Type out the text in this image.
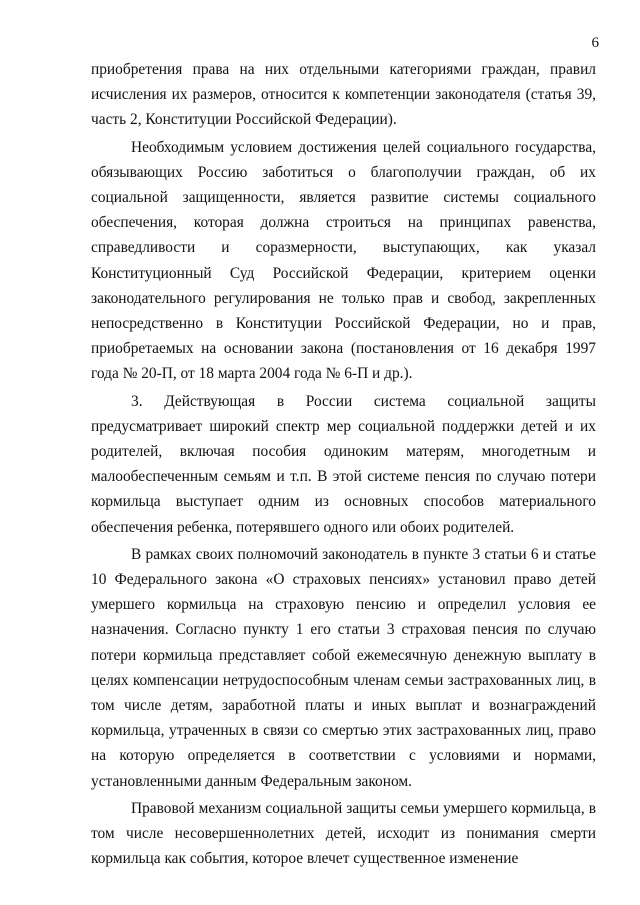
6

приобретения права на них отдельными категориями граждан, правил исчисления их размеров, относится к компетенции законодателя (статья 39, часть 2, Конституции Российской Федерации).

Необходимым условием достижения целей социального государства, обязывающих Россию заботиться о благополучии граждан, об их социальной защищенности, является развитие системы социального обеспечения, которая должна строиться на принципах равенства, справедливости и соразмерности, выступающих, как указал Конституционный Суд Российской Федерации, критерием оценки законодательного регулирования не только прав и свобод, закрепленных непосредственно в Конституции Российской Федерации, но и прав, приобретаемых на основании закона (постановления от 16 декабря 1997 года № 20-П, от 18 марта 2004 года № 6-П и др.).

3. Действующая в России система социальной защиты предусматривает широкий спектр мер социальной поддержки детей и их родителей, включая пособия одиноким матерям, многодетным и малообеспеченным семьям и т.п. В этой системе пенсия по случаю потери кормильца выступает одним из основных способов материального обеспечения ребенка, потерявшего одного или обоих родителей.

В рамках своих полномочий законодатель в пункте 3 статьи 6 и статье 10 Федерального закона «О страховых пенсиях» установил право детей умершего кормильца на страховую пенсию и определил условия ее назначения. Согласно пункту 1 его статьи 3 страховая пенсия по случаю потери кормильца представляет собой ежемесячную денежную выплату в целях компенсации нетрудоспособным членам семьи застрахованных лиц, в том числе детям, заработной платы и иных выплат и вознаграждений кормильца, утраченных в связи со смертью этих застрахованных лиц, право на которую определяется в соответствии с условиями и нормами, установленными данным Федеральным законом.

Правовой механизм социальной защиты семьи умершего кормильца, в том числе несовершеннолетних детей, исходит из понимания смерти кормильца как события, которое влечет существенное изменение
